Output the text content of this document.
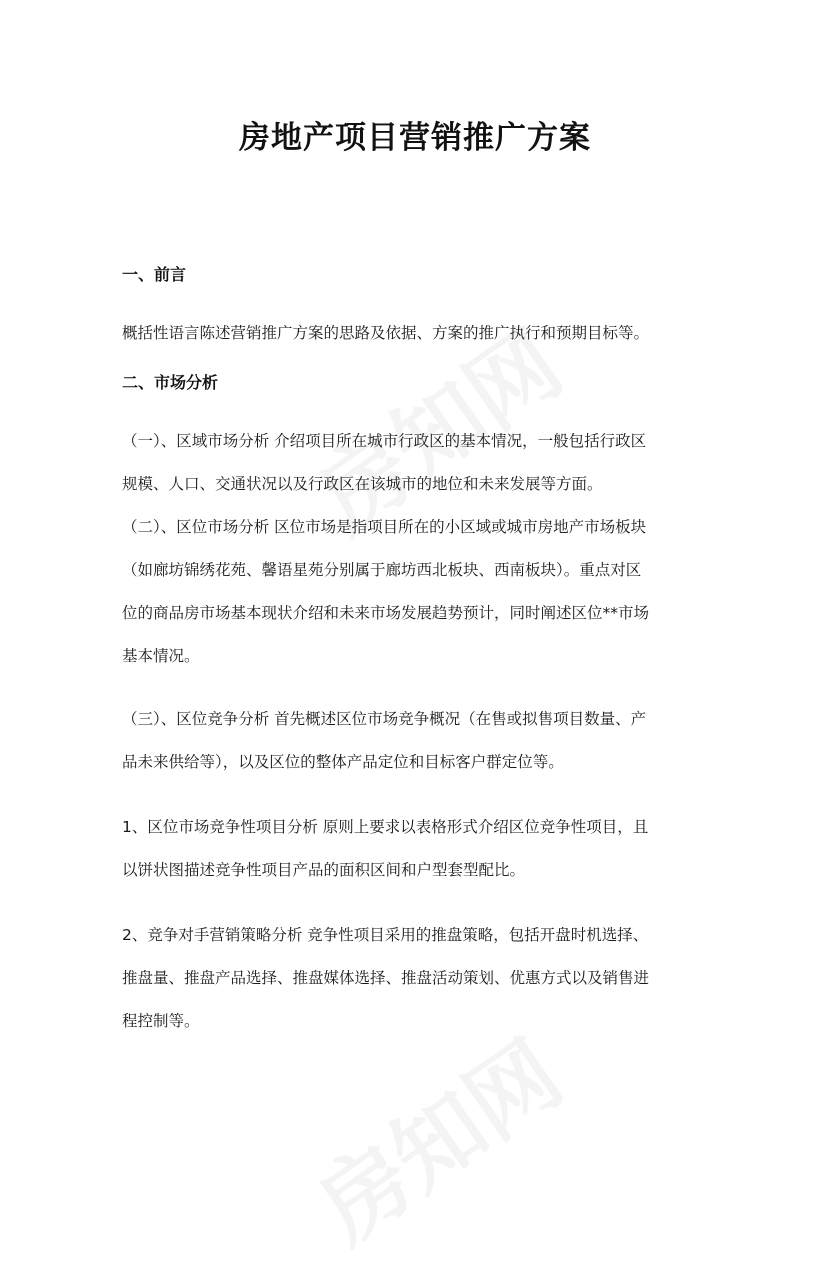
房地产项目营销推广方案
一、前言
概括性语言陈述营销推广方案的思路及依据、方案的推广执行和预期目标等。
二、市场分析
（一）、区域市场分析 介绍项目所在城市行政区的基本情况，一般包括行政区
规模、人口、交通状况以及行政区在该城市的地位和未来发展等方面。
（二）、区位市场分析 区位市场是指项目所在的小区域或城市房地产市场板块
（如廊坊锦绣花苑、馨语星苑分别属于廊坊西北板块、西南板块）。重点对区
位的商品房市场基本现状介绍和未来市场发展趋势预计，同时阐述区位**市场
基本情况。
（三）、区位竞争分析 首先概述区位市场竞争概况（在售或拟售项目数量、产
品未来供给等），以及区位的整体产品定位和目标客户群定位等。
1、区位市场竞争性项目分析 原则上要求以表格形式介绍区位竞争性项目，且
以饼状图描述竞争性项目产品的面积区间和户型套型配比。
2、竞争对手营销策略分析 竞争性项目采用的推盘策略，包括开盘时机选择、
推盘量、推盘产品选择、推盘媒体选择、推盘活动策划、优惠方式以及销售进
程控制等。
